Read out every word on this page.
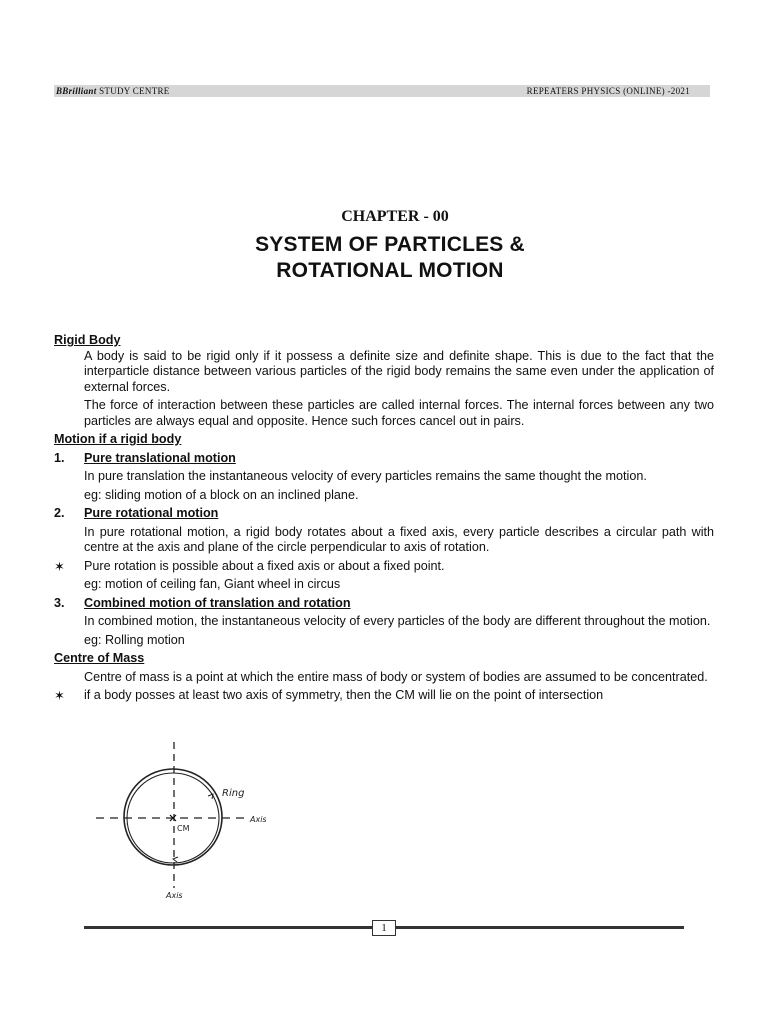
BBrilliant STUDY CENTRE	REPEATERS PHYSICS (ONLINE) -2021
CHAPTER - 00
SYSTEM OF PARTICLES &
ROTATIONAL MOTION

Rigid Body

A body is said to be rigid only if it possess a definite size and definite shape. This is due to the fact that the interparticle distance between various particles of the rigid body remains the same even under the application of external forces.

The force of interaction between these particles are called internal forces. The internal forces between any two particles are always equal and opposite. Hence such forces cancel out in pairs.

Motion if a rigid body

1.	Pure translational motion

In pure translation the instantaneous velocity of every particles remains the same thought the motion.

eg: sliding motion of a block on an inclined plane.

2.	Pure rotational motion

In pure rotational motion, a rigid body rotates about a fixed axis, every particle describes a circular path with centre at the axis and plane of the circle perpendicular to axis of rotation.

✶	Pure rotation is possible about a fixed axis or about a fixed point.

eg: motion of ceiling fan, Giant wheel in circus

3.	Combined motion of translation and rotation

In combined motion, the instantaneous velocity of every particles of the body are different throughout the motion.

eg: Rolling motion

Centre of Mass

Centre of mass is a point at which the entire mass of body or system of bodies are assumed to be concentrated.

✶	if a body posses at least two axis of symmetry, then the CM will lie on the point of intersection
Ring
CM
Axis
Axis
1
